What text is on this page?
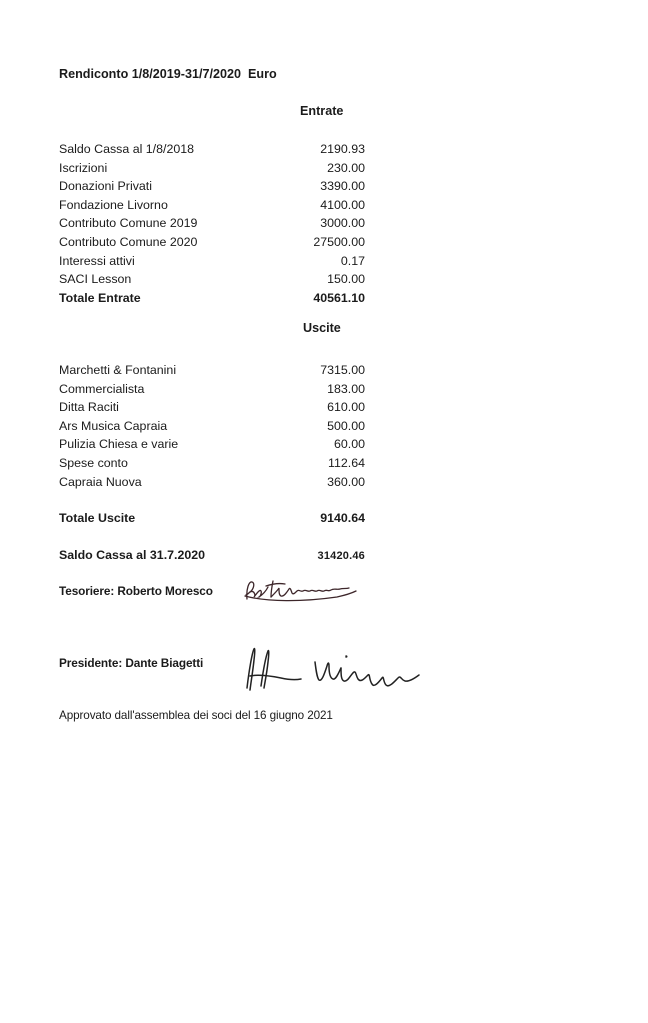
Rendiconto 1/8/2019-31/7/2020  Euro
Entrate
Saldo Cassa al 1/8/2018	2190.93
Iscrizioni	230.00
Donazioni Privati	3390.00
Fondazione Livorno	4100.00
Contributo Comune 2019	3000.00
Contributo Comune 2020	27500.00
Interessi attivi	0.17
SACI Lesson	150.00
Totale Entrate	40561.10
Uscite
Marchetti & Fontanini	7315.00
Commercialista	183.00
Ditta Raciti	610.00
Ars Musica Capraia	500.00
Pulizia Chiesa e varie	60.00
Spese conto	112.64
Capraia Nuova	360.00
Totale Uscite	9140.64
Saldo Cassa al 31.7.2020	31420.46
Tesoriere: Roberto Moresco
Presidente: Dante Biagetti
Approvato dall'assemblea dei soci del 16 giugno 2021
